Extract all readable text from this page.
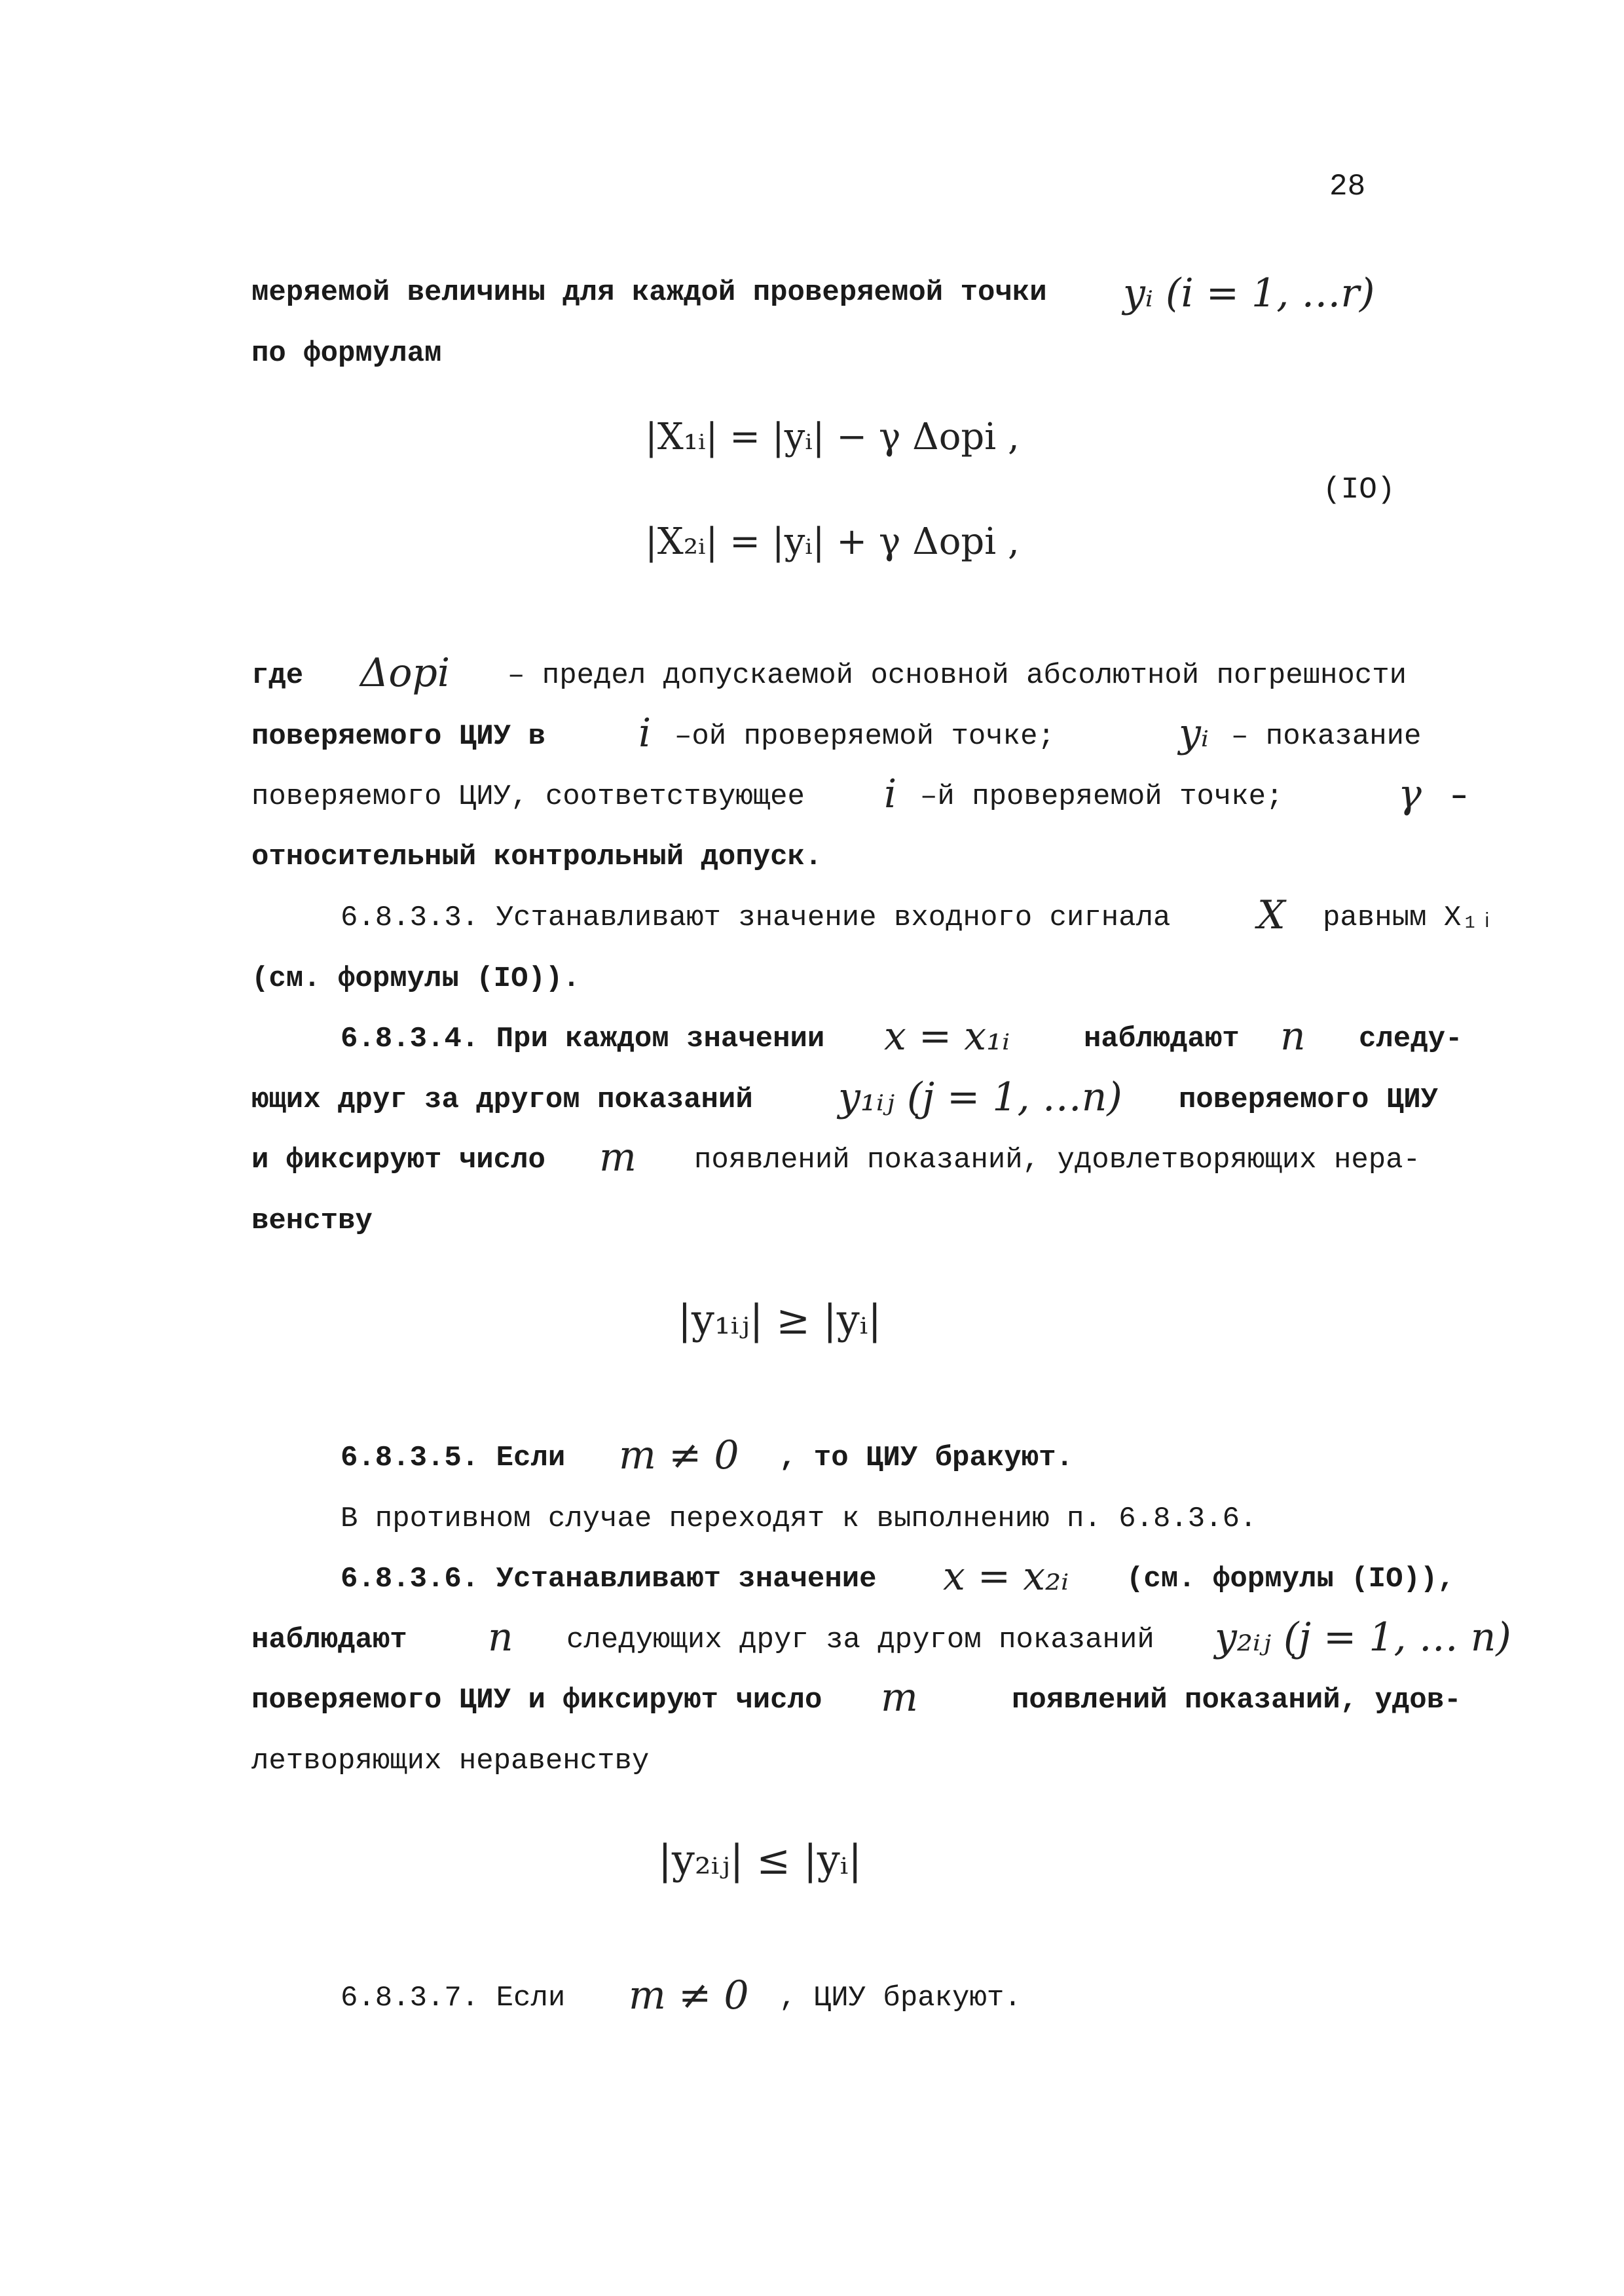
28
меряемой величины для каждой проверяемой точки yᵢ (i = 1, …r)
по формулам
|X₁ᵢ| = |yᵢ| − γ Δopi ,
|X₂ᵢ| = |yᵢ| + γ Δopi ,
(IO)
где Δopi – предел допускаемой основной абсолютной погрешности
поверяемого ЦИУ в i –ой проверяемой точке;	yᵢ – показание
поверяемого ЦИУ, соответствующее i –й проверяемой точке;	γ –
относительный контрольный допуск.
6.8.3.3. Устанавливают значение входного сигнала X равным X₁ᵢ
(см. формулы (IO)).
6.8.3.4. При каждом значении x = x₁ᵢ	наблюдают n следу-
ющих друг за другом показаний y₁ᵢⱼ (j = 1, …n) поверяемого ЦИУ
и фиксируют число m появлений показаний, удовлетворяющих нера-
венству
|y₁ᵢⱼ| ≥ |yᵢ|
6.8.3.5. Если m ≠ 0 , то ЦИУ бракуют.
В противном случае переходят к выполнению п. 6.8.3.6.
6.8.3.6. Устанавливают значение x = x₂ᵢ (см. формулы (IO)),
наблюдают n следующих друг за другом показаний y₂ᵢⱼ (j = 1, … n)
поверяемого ЦИУ и фиксируют число m	появлений показаний, удов-
летворяющих неравенству
|y₂ᵢⱼ| ≤ |yᵢ|
6.8.3.7. Если m ≠ 0 , ЦИУ бракуют.
